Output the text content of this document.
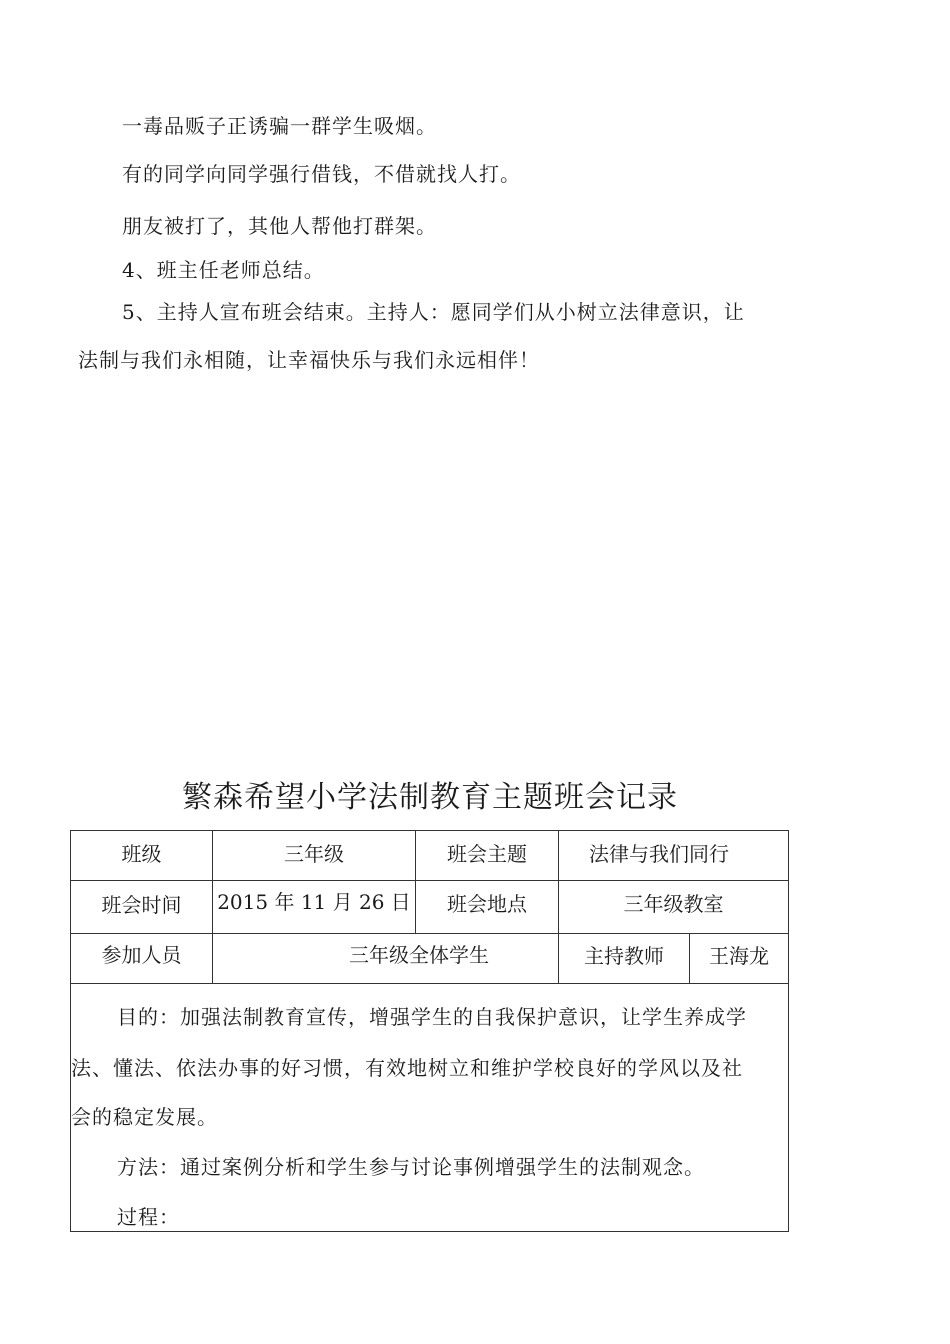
一毒品贩子正诱骗一群学生吸烟。
有的同学向同学强行借钱，不借就找人打。
朋友被打了，其他人帮他打群架。
4、班主任老师总结。
5、主持人宣布班会结束。主持人：愿同学们从小树立法律意识，让
法制与我们永相随，让幸福快乐与我们永远相伴！
繁森希望小学法制教育主题班会记录
班级	三年级	班会主题	法律与我们同行
班会时间	2015 年 11 月 26 日	班会地点	三年级教室
参加人员	三年级全体学生	主持教师	王海龙
目的：加强法制教育宣传，增强学生的自我保护意识，让学生养成学
法、懂法、依法办事的好习惯，有效地树立和维护学校良好的学风以及社
会的稳定发展。
方法：通过案例分析和学生参与讨论事例增强学生的法制观念。
过程：
